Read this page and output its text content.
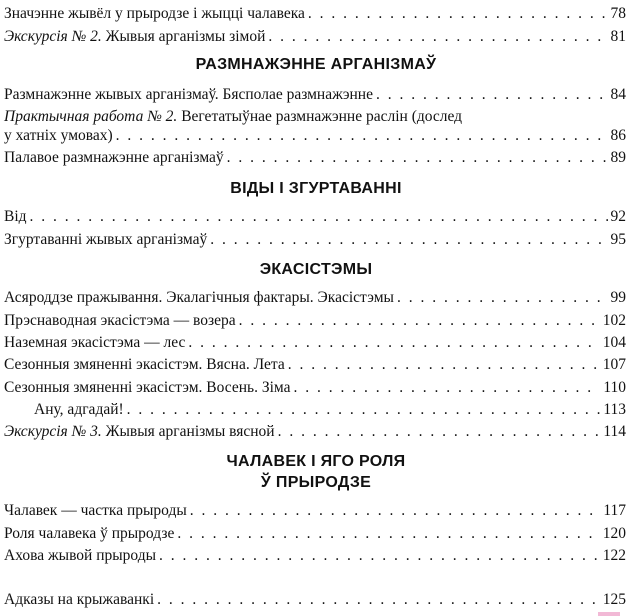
Значэнне жывёл у прыродзе і жыцці чалавека . . .	78
Экскурсія № 2. Жывыя арганізмы зімой . . .	81
РАЗМНАЖЭННЕ АРГАНІЗМАЎ
Размнажэнне жывых арганізмаў. Бясполае размнажэнне . . .	84
Практычная работа № 2. Вегетатыўнае размнажэнне раслін (дослед
у хатніх умовах) . . .	86
Палавое размнажэнне арганізмаў . . .	89
ВІДЫ І ЗГУРТАВАННІ
Від . . .	92
Згуртаванні жывых арганізмаў . . .	95
ЭКАСІСТЭМЫ
Асяроддзе пражывання. Экалагічныя фактары. Экасістэмы . . .	99
Прэснаводная экасістэма — возера . . .	102
Наземная экасістэма — лес . . .	104
Сезонныя змяненні экасістэм. Вясна. Лета . . .	107
Сезонныя змяненні экасістэм. Восень. Зіма . . .	110
Ану, адгадай! . . .	113
Экскурсія № 3. Жывыя арганізмы вясной . . .	114
ЧАЛАВЕК І ЯГО РОЛЯ
Ў ПРЫРОДЗЕ
Чалавек — частка прыроды . . .	117
Роля чалавека ў прыродзе . . .	120
Ахова жывой прыроды . . .	122
Адказы на крыжаванкі . . .	125
